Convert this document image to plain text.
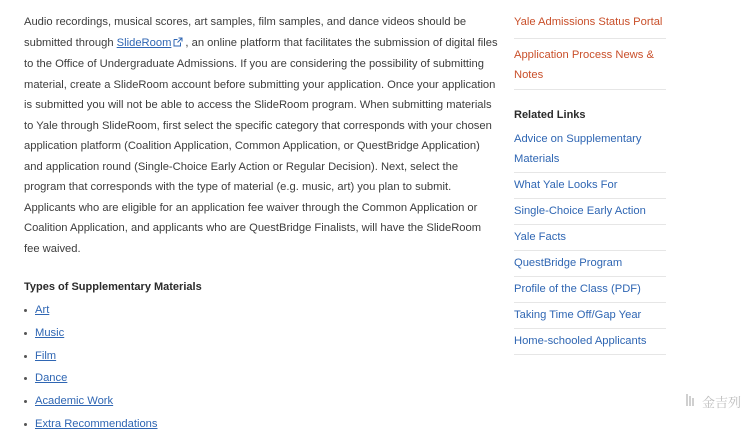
Audio recordings, musical scores, art samples, film samples, and dance videos should be submitted through SlideRoom , an online platform that facilitates the submission of digital files to the Office of Undergraduate Admissions. If you are considering the possibility of submitting material, create a SlideRoom account before submitting your application. Once your application is submitted you will not be able to access the SlideRoom program. When submitting materials to Yale through SlideRoom, first select the specific category that corresponds with your chosen application platform (Coalition Application, Common Application, or QuestBridge Application) and application round (Single-Choice Early Action or Regular Decision). Next, select the program that corresponds with the type of material (e.g. music, art) you plan to submit. Applicants who are eligible for an application fee waiver through the Common Application or Coalition Application, and applicants who are QuestBridge Finalists, will have the SlideRoom fee waived.

Types of Supplementary Materials
Art
Music
Film
Dance
Academic Work
Extra Recommendations
Yale Admissions Status Portal
Application Process News & Notes
Related Links
Advice on Supplementary Materials
What Yale Looks For
Single-Choice Early Action
Yale Facts
QuestBridge Program
Profile of the Class (PDF)
Taking Time Off/Gap Year
Home-schooled Applicants
金吉列
